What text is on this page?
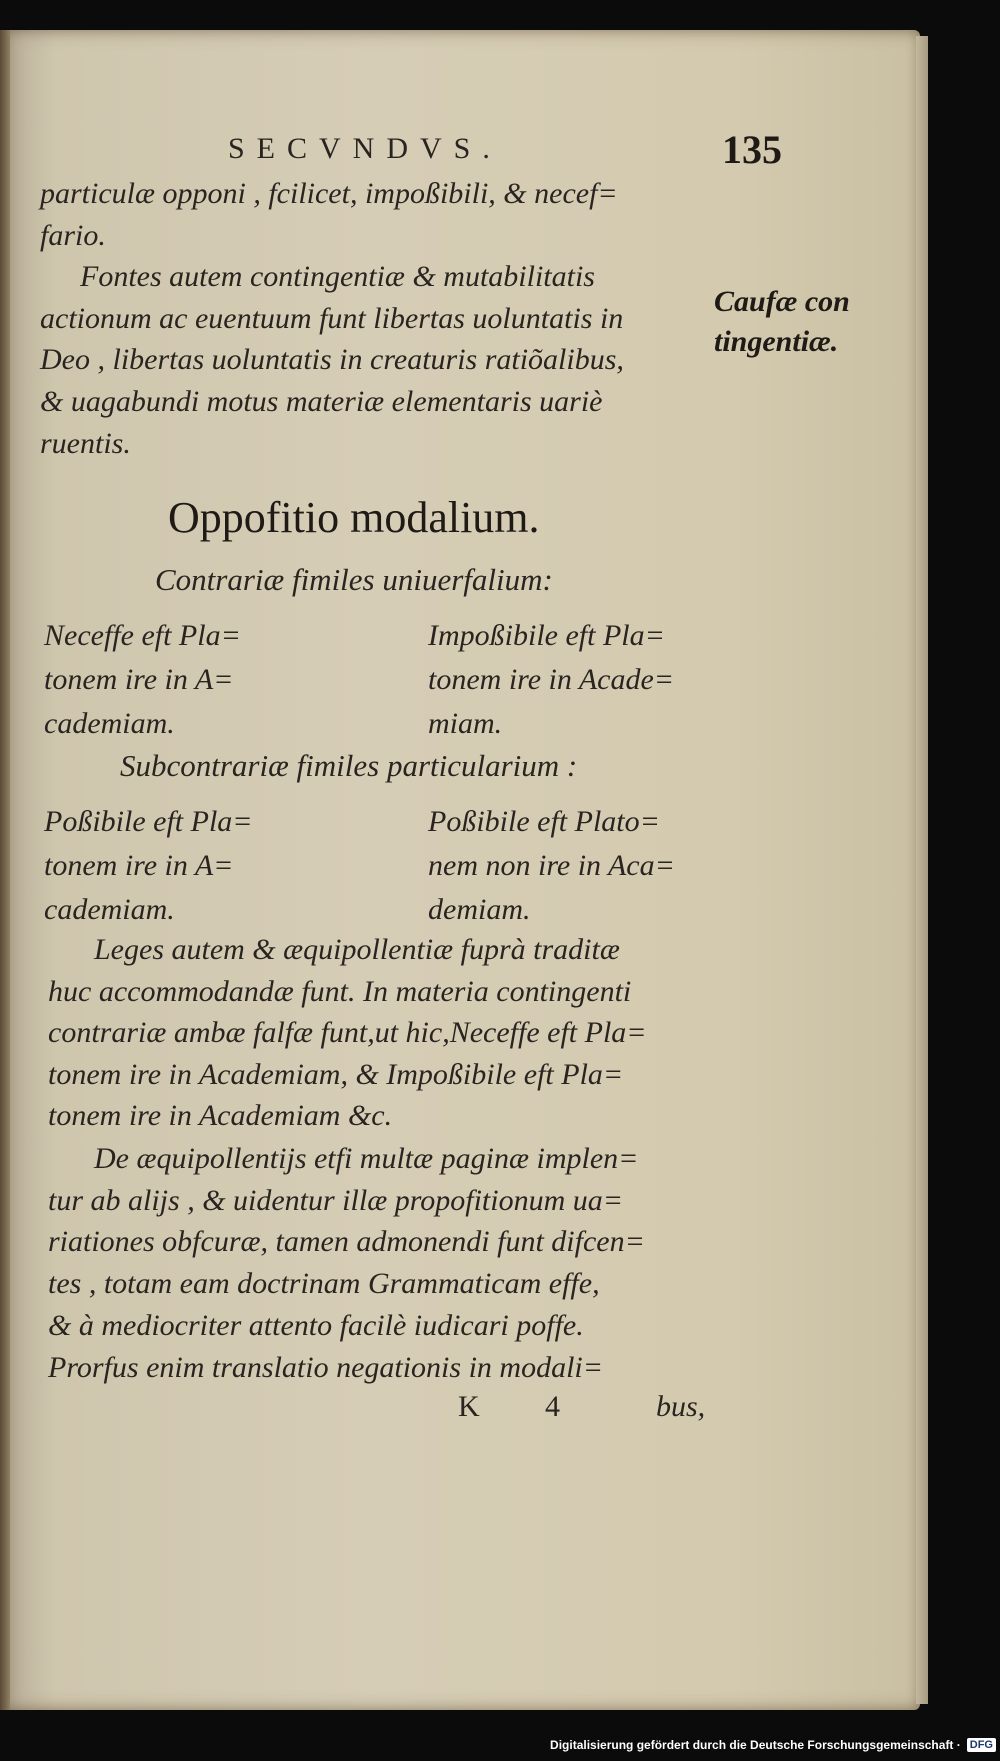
SECVNDVS.	135
particulæ opponi , fcilicet, impoßibili, & necef=
fario.
Fontes autem contingentiæ & mutabilitatis
actionum ac euentuum funt libertas uoluntatis in
Deo , libertas uoluntatis in creaturis ratiõalibus,
& uagabundi motus materiæ elementaris uariè
ruentis.
Caufæ con
tingentiæ.
Oppofitio modalium.
Contrariæ fimiles uniuerfalium:
Neceffe eft Pla=
tonem ire in A=
cademiam.
Impoßibile eft Pla=
tonem ire in Acade=
miam.
Subcontrariæ fimiles particularium :
Poßibile eft Pla=
tonem ire in A=
cademiam.
Poßibile eft Plato=
nem non ire in Aca=
demiam.
Leges autem & æquipollentiæ fuprà traditæ
huc accommodandæ funt. In materia contingenti
contrariæ ambæ falfæ funt,ut hic,Neceffe eft Pla=
tonem ire in Academiam, & Impoßibile eft Pla=
tonem ire in Academiam &c.
De æquipollentijs etfi multæ paginæ implen=
tur ab alijs , & uidentur illæ propofitionum ua=
riationes obfcuræ, tamen admonendi funt difcen=
tes , totam eam doctrinam Grammaticam effe,
& à mediocriter attento facilè iudicari poffe.
Prorfus enim translatio negationis in modali=
K 4	bus,
Digitalisierung gefördert durch die Deutsche Forschungsgemeinschaft · DFG
